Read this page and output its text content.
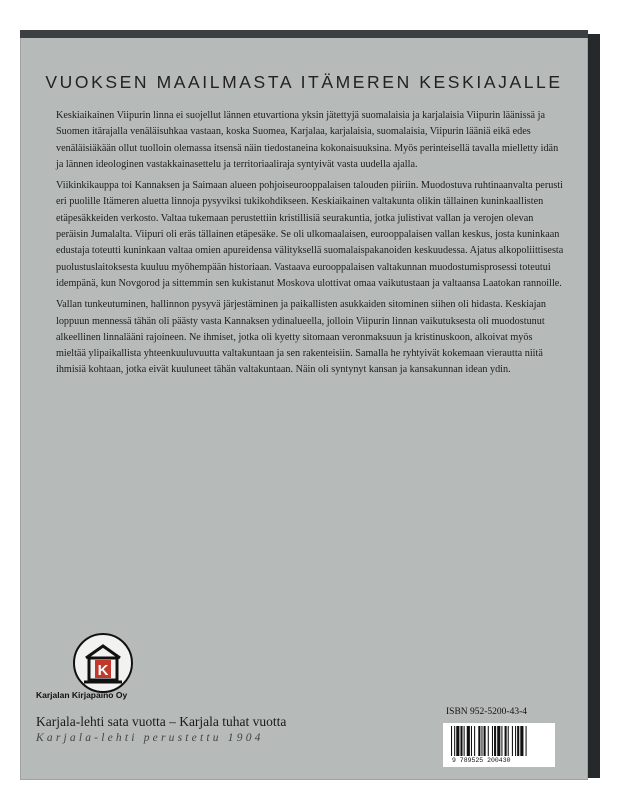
VUOKSEN MAAILMASTA ITÄMEREN KESKIAJALLE

Keskiaikainen Viipurin linna ei suojellut lännen etuvartiona yksin jätettyjä suomalaisia ja karjalaisia Viipurin läänissä ja Suomen itärajalla venäläisuhkaa vastaan, koska Suomea, Karjalaa, karjalaisia, suomalaisia, Viipurin lääniä eikä edes venäläisiäkään ollut tuolloin olemassa itsensä näin tiedostaneina kokonaisuuksina. Myös perinteisellä tavalla mielletty idän ja lännen ideologinen vastakkainasettelu ja territoriaaliraja syntyivät vasta uudella ajalla.

Viikinkikauppa toi Kannaksen ja Saimaan alueen pohjoiseurooppalaisen talouden piiriin. Muodostuva ruhtinaanvalta perusti eri puolille Itämeren aluetta linnoja pysyviksi tukikohdikseen. Keskiaikainen valtakunta olikin tällainen kuninkaallisten etäpesäkkeiden verkosto. Valtaa tukemaan perustettiin kristillisiä seurakuntia, jotka julistivat vallan ja verojen olevan peräisin Jumalalta. Viipuri oli eräs tällainen etäpesäke. Se oli ulkomaalaisen, eurooppalaisen vallan keskus, josta kuninkaan edustaja toteutti kuninkaan valtaa omien apureidensa välityksellä suomalaispakanoiden keskuudessa. Ajatus alkopoliittisesta puolustuslaitoksesta kuuluu myöhempään historiaan. Vastaava eurooppalaisen valtakunnan muodostumisprosessi toteutui idempänä, kun Novgorod ja sittemmin sen kukistanut Moskova ulottivat omaa vaikutustaan ja valtaansa Laatokan rannoille.

Vallan tunkeutuminen, hallinnon pysyvä järjestäminen ja paikallisten asukkaiden sitominen siihen oli hidasta. Keskiajan loppuun mennessä tähän oli päästy vasta Kannaksen ydinalueella, jolloin Viipurin linnan vaikutuksesta oli muodostunut alkeellinen linnalääni rajoineen. Ne ihmiset, jotka oli kyetty sitomaan veronmaksuun ja kristinuskoon, alkoivat myös mieltää ylipaikallista yhteenkuuluvuutta valtakuntaan ja sen rakenteisiin. Samalla he ryhtyivät kokemaan vierautta niitä ihmisiä kohtaan, jotka eivät kuuluneet tähän valtakuntaan. Näin oli syntynyt kansan ja kansakunnan idean ydin.

K
Karjalan Kirjapaino Oy
Karjala-lehti sata vuotta – Karjala tuhat vuotta
Karjala-lehti perustettu 1904
ISBN 952-5200-43-4
9 789525 200430
